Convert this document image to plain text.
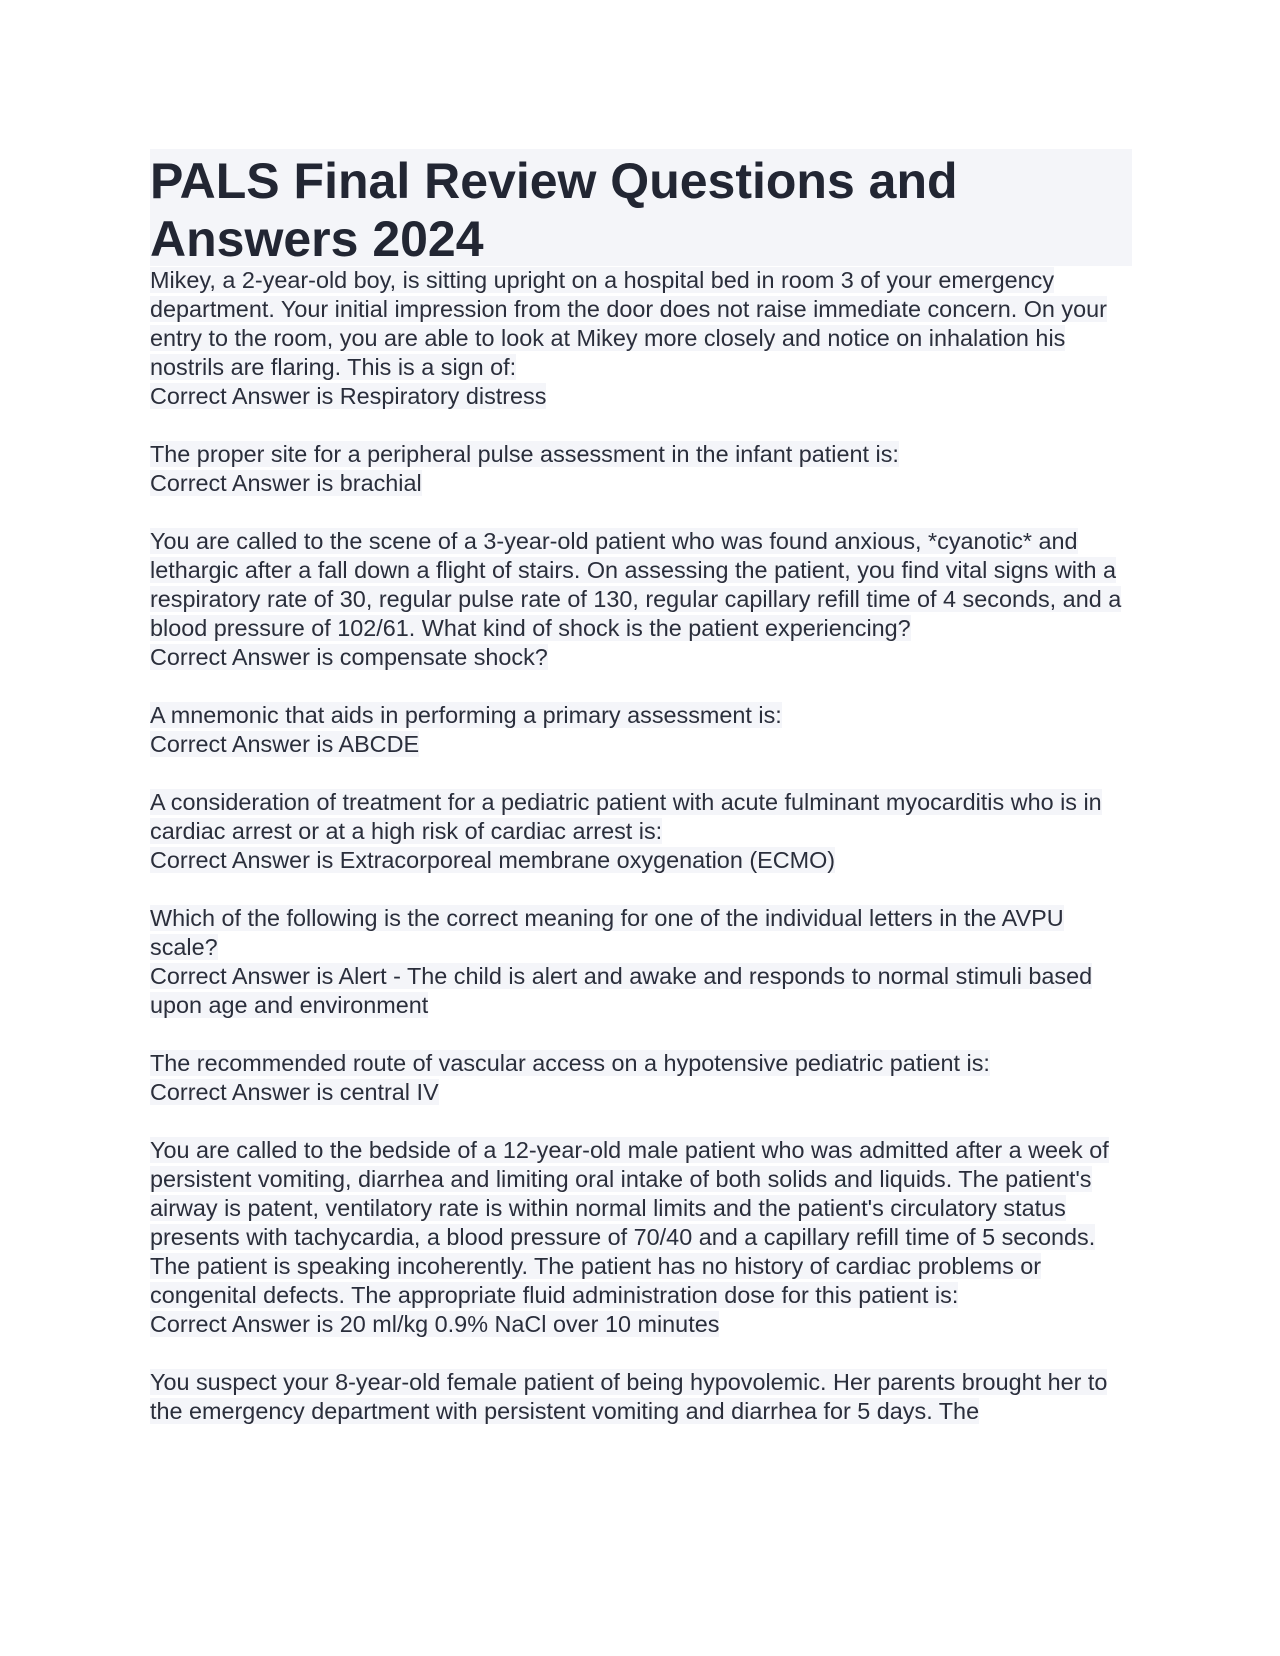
PALS Final Review Questions and Answers 2024
Mikey, a 2-year-old boy, is sitting upright on a hospital bed in room 3 of your emergency department. Your initial impression from the door does not raise immediate concern. On your entry to the room, you are able to look at Mikey more closely and notice on inhalation his nostrils are flaring. This is a sign of:
Correct Answer is Respiratory distress
The proper site for a peripheral pulse assessment in the infant patient is:
Correct Answer is brachial
You are called to the scene of a 3-year-old patient who was found anxious, *cyanotic* and lethargic after a fall down a flight of stairs. On assessing the patient, you find vital signs with a respiratory rate of 30, regular pulse rate of 130, regular capillary refill time of 4 seconds, and a blood pressure of 102/61. What kind of shock is the patient experiencing?
Correct Answer is compensate shock?
A mnemonic that aids in performing a primary assessment is:
Correct Answer is ABCDE
A consideration of treatment for a pediatric patient with acute fulminant myocarditis who is in cardiac arrest or at a high risk of cardiac arrest is:
Correct Answer is Extracorporeal membrane oxygenation (ECMO)
Which of the following is the correct meaning for one of the individual letters in the AVPU scale?
Correct Answer is Alert - The child is alert and awake and responds to normal stimuli based upon age and environment
The recommended route of vascular access on a hypotensive pediatric patient is:
Correct Answer is central IV
You are called to the bedside of a 12-year-old male patient who was admitted after a week of persistent vomiting, diarrhea and limiting oral intake of both solids and liquids. The patient's airway is patent, ventilatory rate is within normal limits and the patient's circulatory status presents with tachycardia, a blood pressure of 70/40 and a capillary refill time of 5 seconds. The patient is speaking incoherently. The patient has no history of cardiac problems or congenital defects. The appropriate fluid administration dose for this patient is:
Correct Answer is 20 ml/kg 0.9% NaCl over 10 minutes
You suspect your 8-year-old female patient of being hypovolemic. Her parents brought her to the emergency department with persistent vomiting and diarrhea for 5 days. The
